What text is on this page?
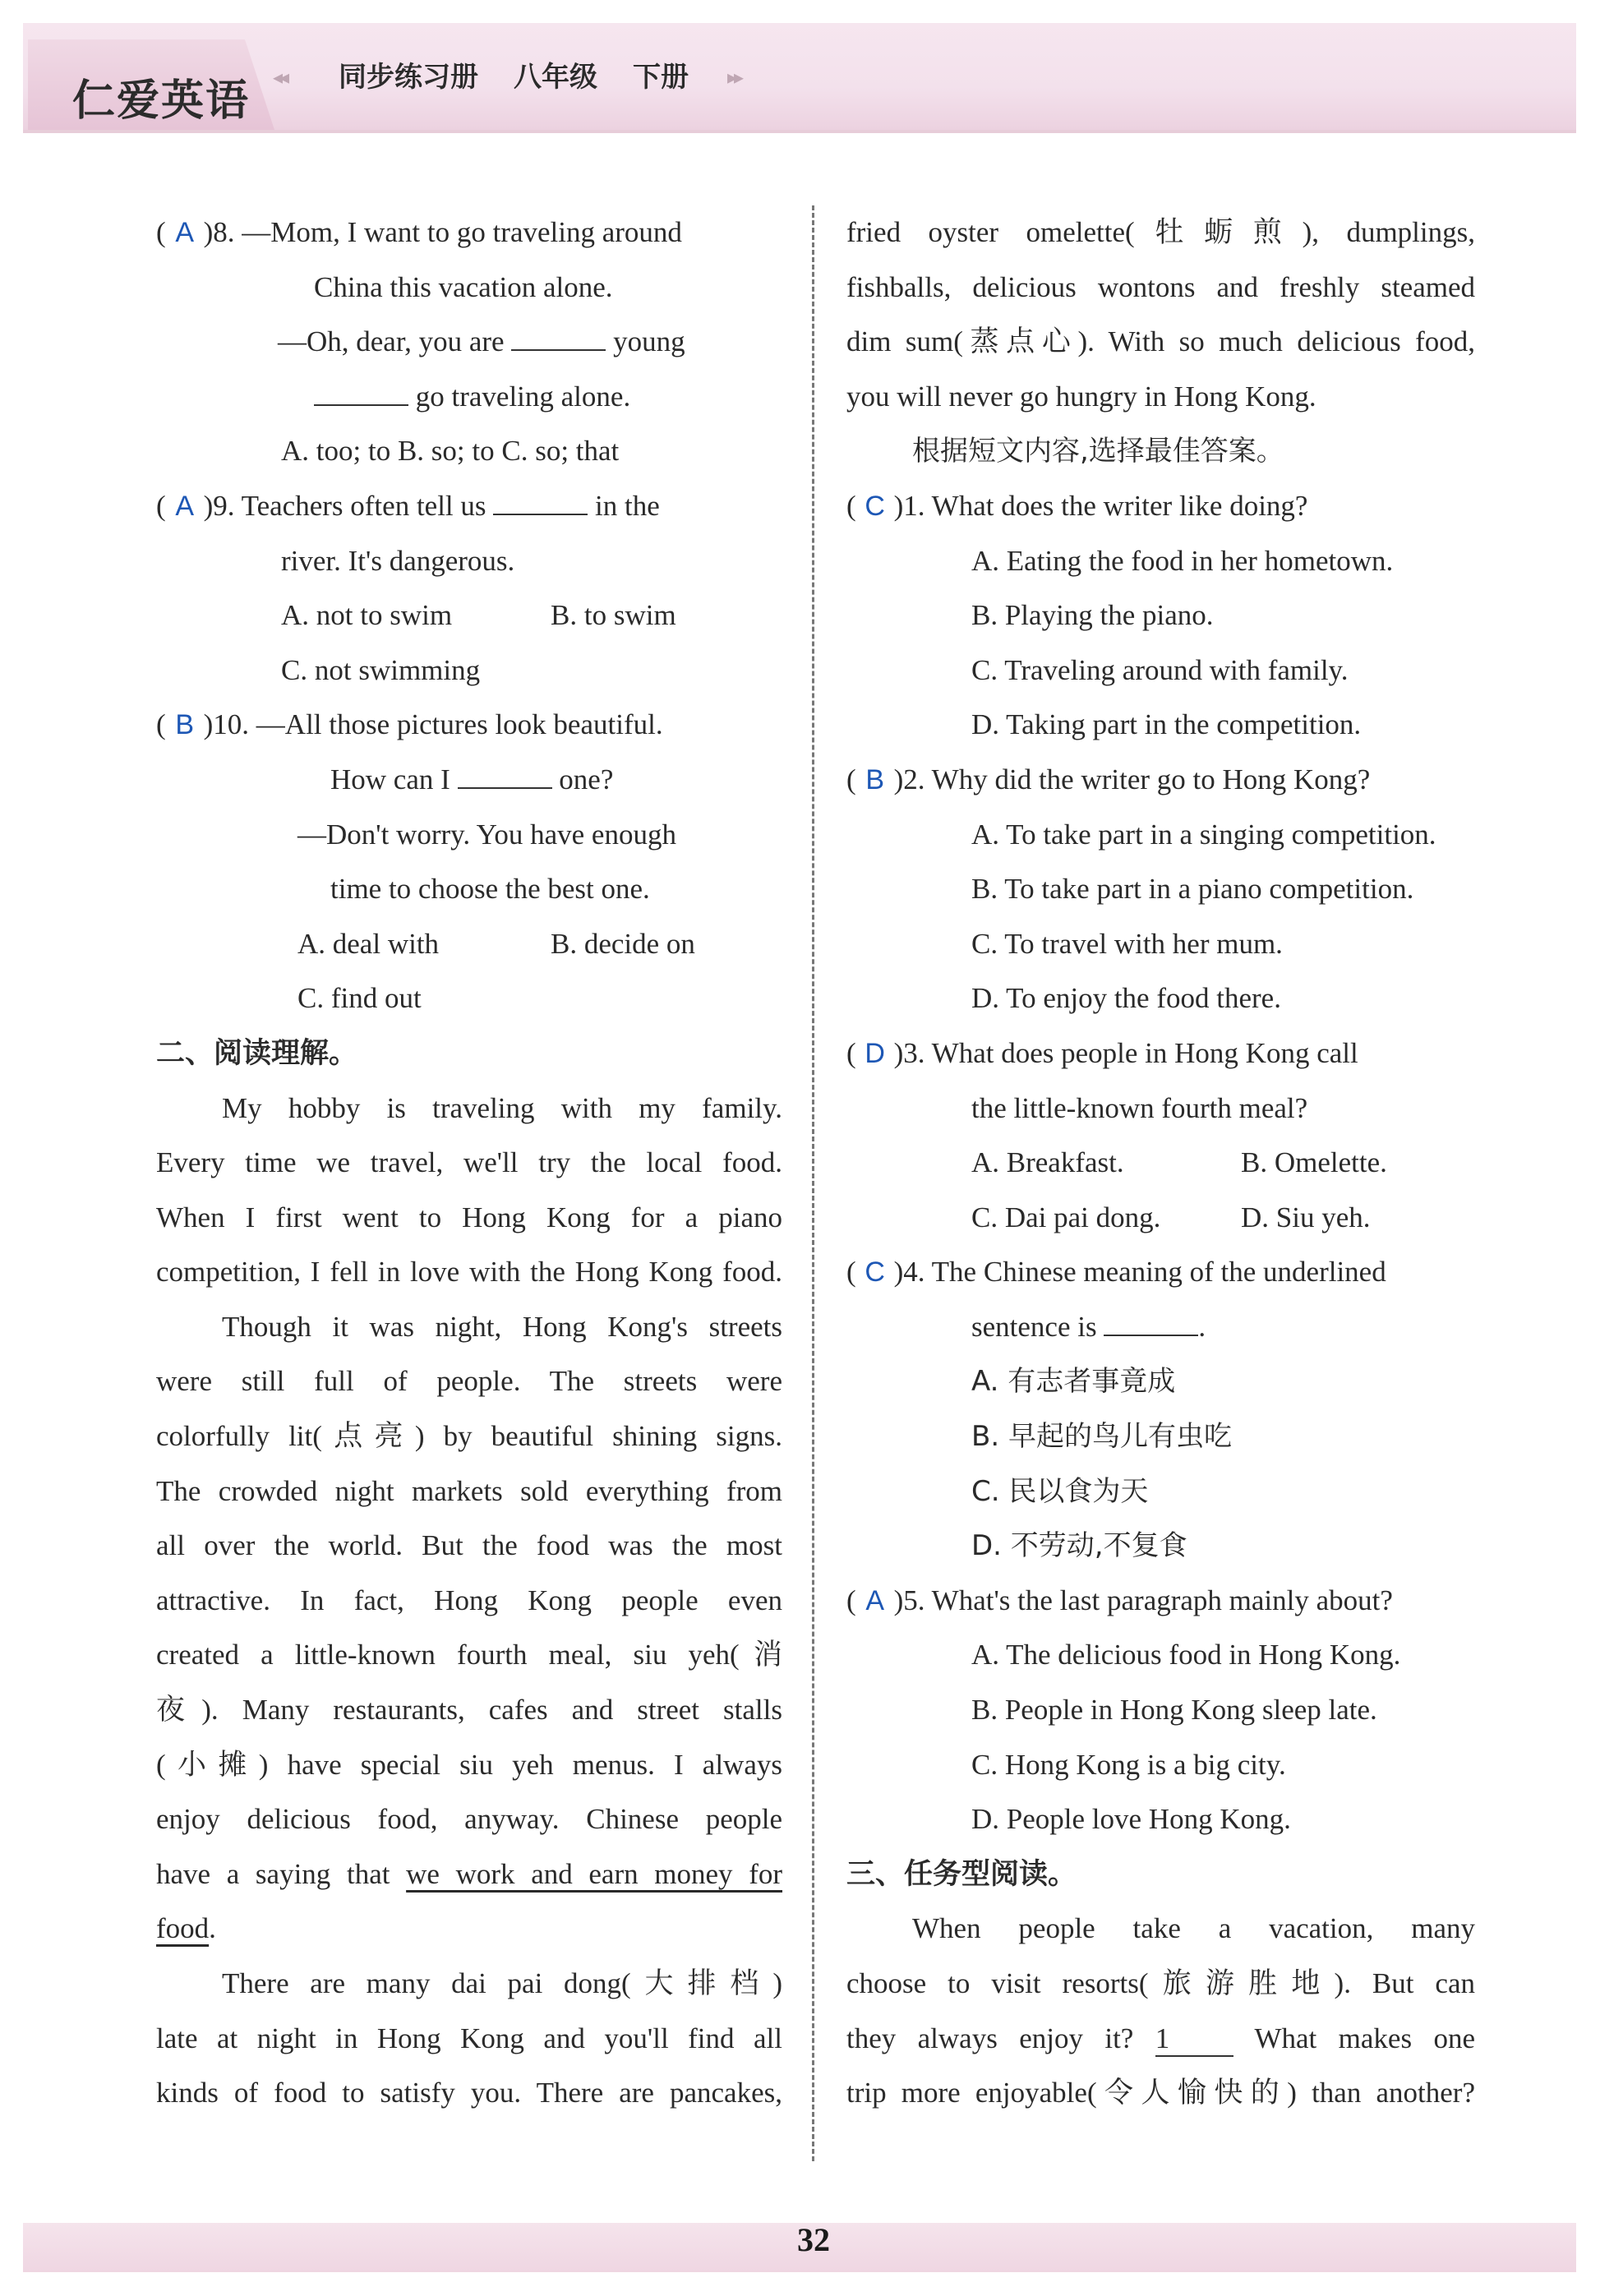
仁爱英语 ◂◂ 同步练习册 八年级 下册 ▸▸
( A )8. —Mom, I want to go traveling around
China this vacation alone.
—Oh, dear, you are	young
go traveling alone.
A. too; to B. so; to C. so; that
( A )9. Teachers often tell us	in the
river. It's dangerous.
A. not to swim	B. to swim
C. not swimming
( B )10. —All those pictures look beautiful.
How can I	one?
—Don't worry. You have enough
time to choose the best one.
A. deal with	B. decide on
C. find out
二、阅读理解。
My hobby is traveling with my family.
Every time we travel, we'll try the local food.
When I first went to Hong Kong for a piano
competition, I fell in love with the Hong Kong food.
Though it was night, Hong Kong's streets
were still full of people. The streets were
colorfully lit(点亮) by beautiful shining signs.
The crowded night markets sold everything from
all over the world. But the food was the most
attractive. In fact, Hong Kong people even
created a little-known fourth meal, siu yeh(消
夜). Many restaurants, cafes and street stalls
(小摊) have special siu yeh menus. I always
enjoy delicious food, anyway. Chinese people
have a saying that we work and earn money for
food.
There are many dai pai dong(大排档)
late at night in Hong Kong and you'll find all
kinds of food to satisfy you. There are pancakes,
fried oyster omelette(牡蛎煎), dumplings,
fishballs, delicious wontons and freshly steamed
dim sum(蒸点心). With so much delicious food,
you will never go hungry in Hong Kong.
根据短文内容,选择最佳答案。
( C )1. What does the writer like doing?
A. Eating the food in her hometown.
B. Playing the piano.
C. Traveling around with family.
D. Taking part in the competition.
( B )2. Why did the writer go to Hong Kong?
A. To take part in a singing competition.
B. To take part in a piano competition.
C. To travel with her mum.
D. To enjoy the food there.
( D )3. What does people in Hong Kong call
the little-known fourth meal?
A. Breakfast.	B. Omelette.
C. Dai pai dong.	D. Siu yeh.
( C )4. The Chinese meaning of the underlined
sentence is	.
A. 有志者事竟成
B. 早起的鸟儿有虫吃
C. 民以食为天
D. 不劳动,不复食
( A )5. What's the last paragraph mainly about?
A. The delicious food in Hong Kong.
B. People in Hong Kong sleep late.
C. Hong Kong is a big city.
D. People love Hong Kong.
三、任务型阅读。
When people take a vacation, many
choose to visit resorts(旅游胜地). But can
they always enjoy it? 1	What makes one
trip more enjoyable(令人愉快的) than another?
32
